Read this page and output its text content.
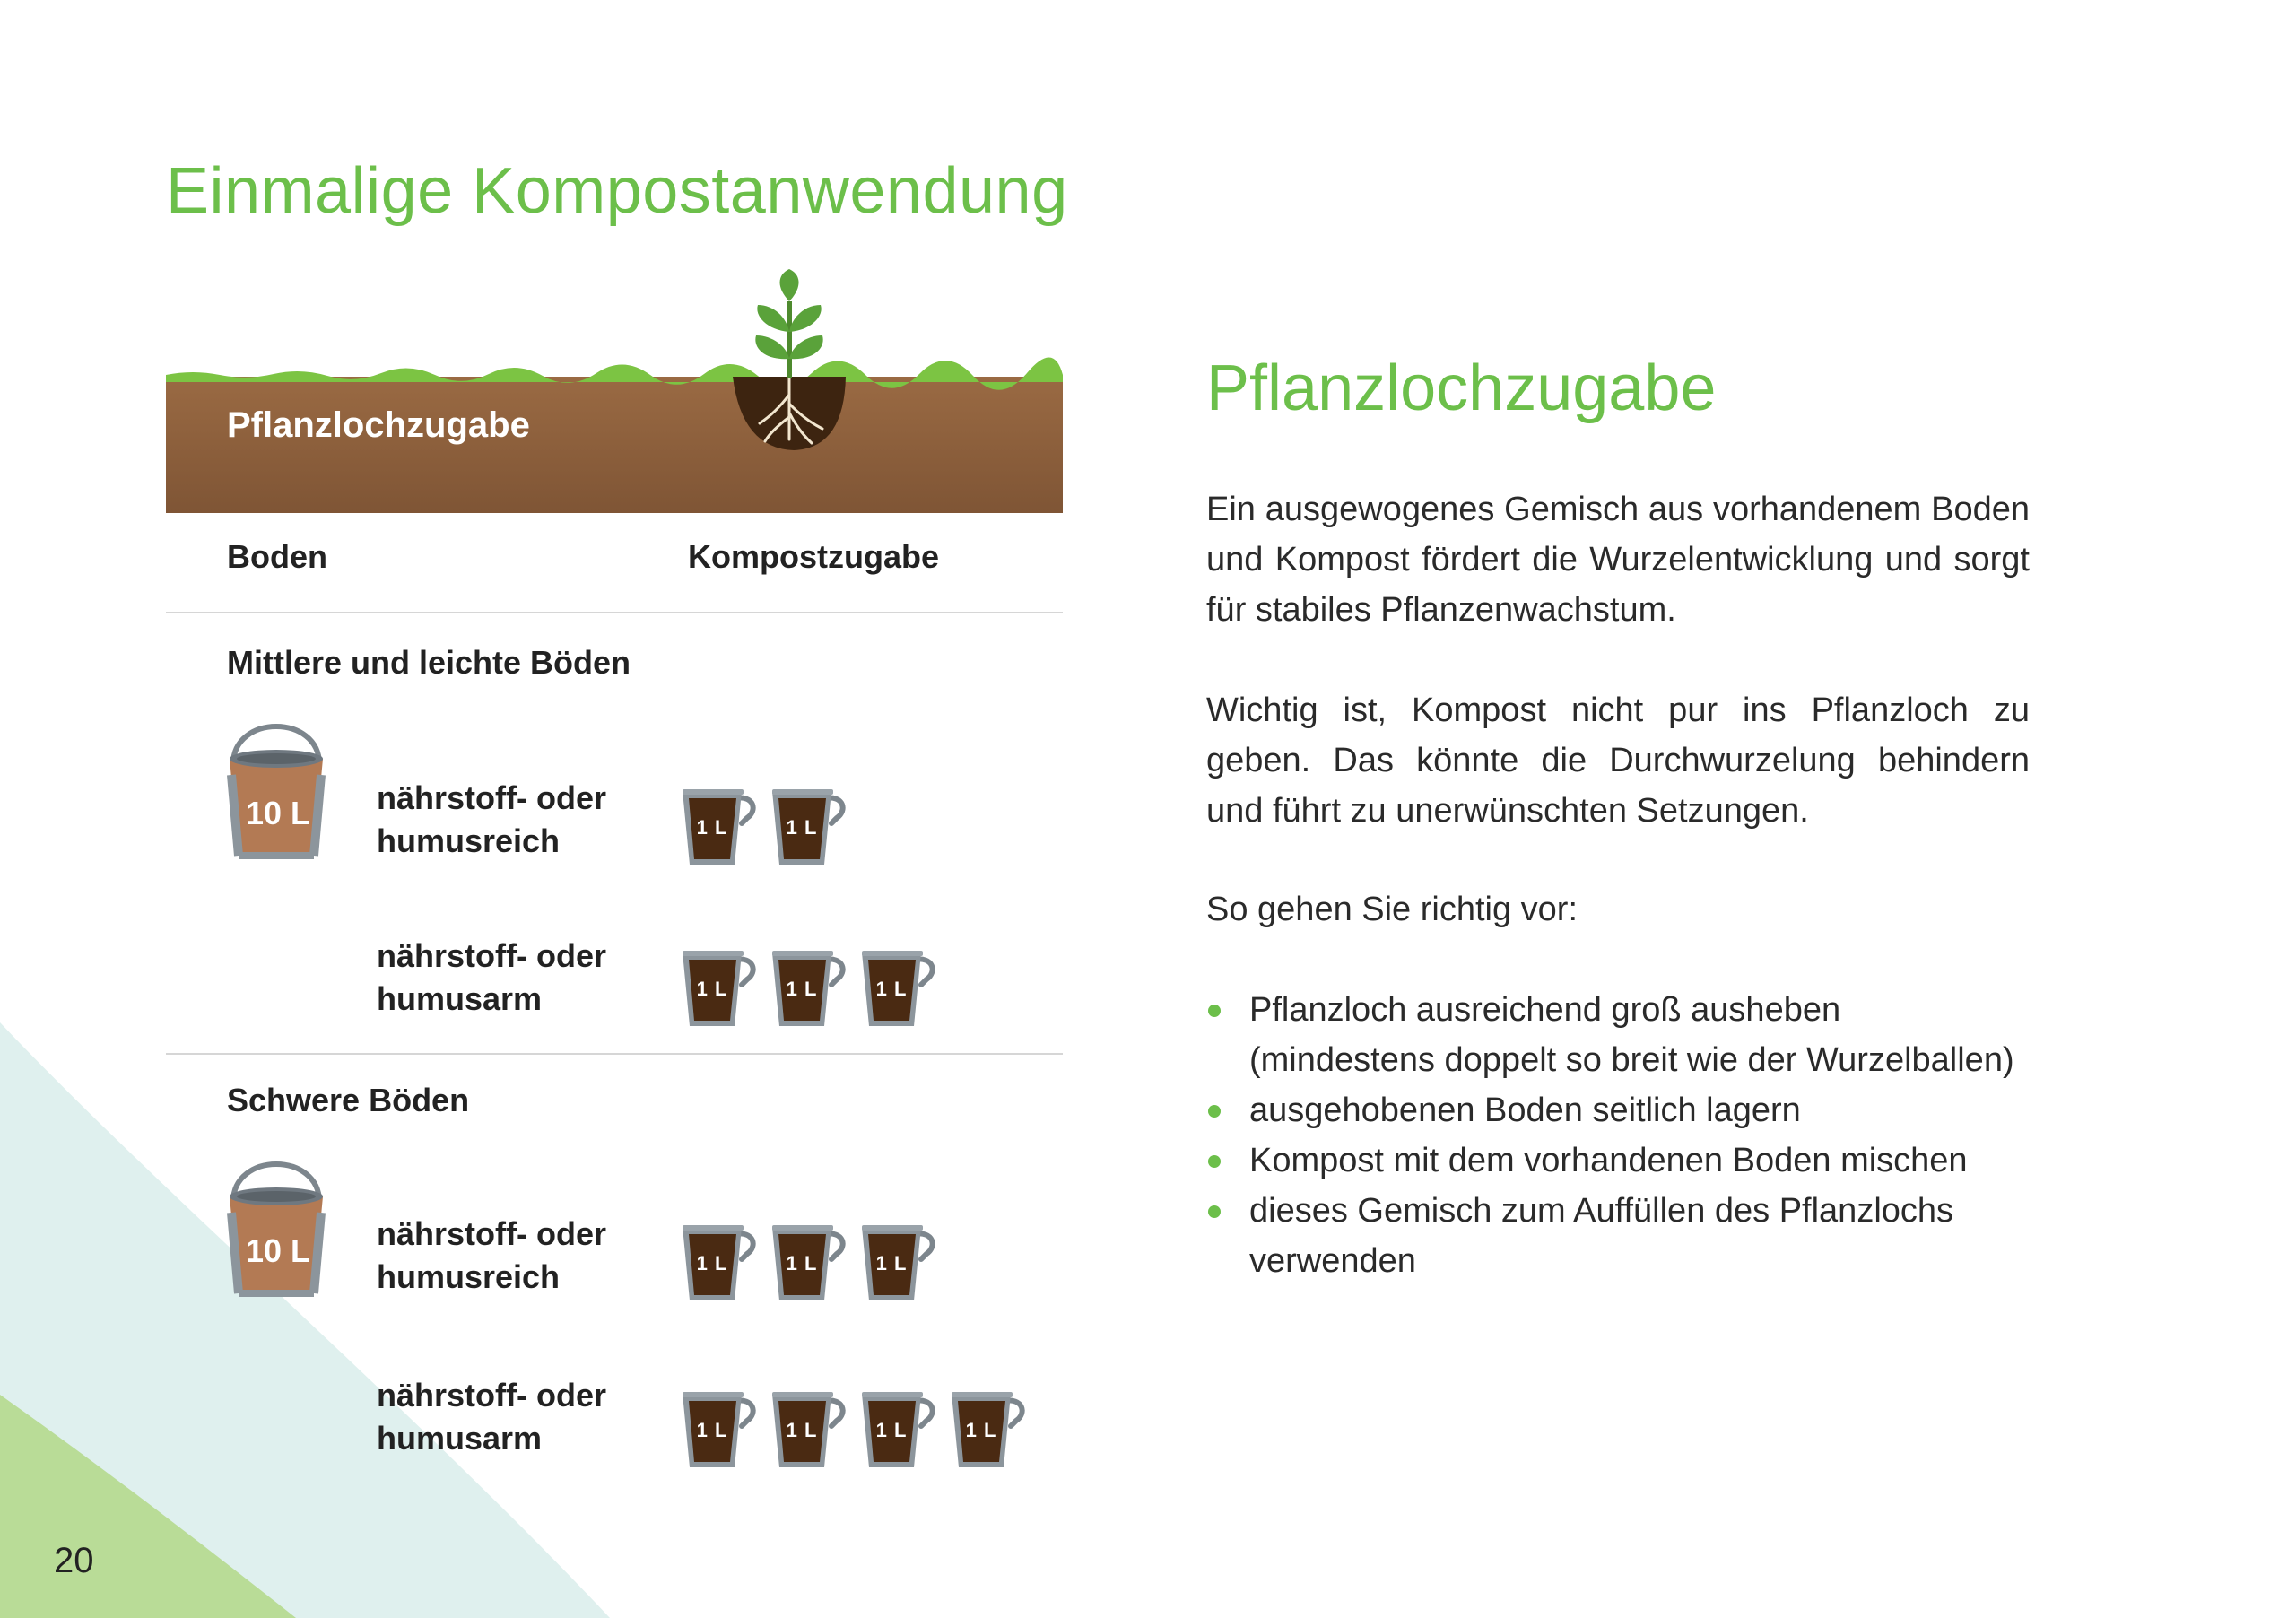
Einmalige Kompostanwendung
Pflanzlochzugabe
Boden	Kompostzugabe
Mittlere und leichte Böden
10 L nährstoff- oder
humusreich	1 L	1 L
nährstoff- oder
humusarm	1 L	1 L	1 L
Schwere Böden
10 L nährstoff- oder
humusreich	1 L	1 L	1 L
nährstoff- oder
humusarm	1 L	1 L	1 L	1 L
Pflanzlochzugabe

Ein ausgewogenes Gemisch aus vorhandenem Boden und Kompost fördert die Wurzelentwicklung und sorgt für stabiles Pflanzenwachstum.

Wichtig ist, Kompost nicht pur ins Pflanzloch zu geben. Das könnte die Durchwurzelung behindern und führt zu unerwünschten Setzungen.

So gehen Sie richtig vor:

Pflanzloch ausreichend groß ausheben (mindestens doppelt so breit wie der Wurzelballen)
ausgehobenen Boden seitlich lagern
Kompost mit dem vorhandenen Boden mischen
dieses Gemisch zum Auffüllen des Pflanzlochs verwenden
20
